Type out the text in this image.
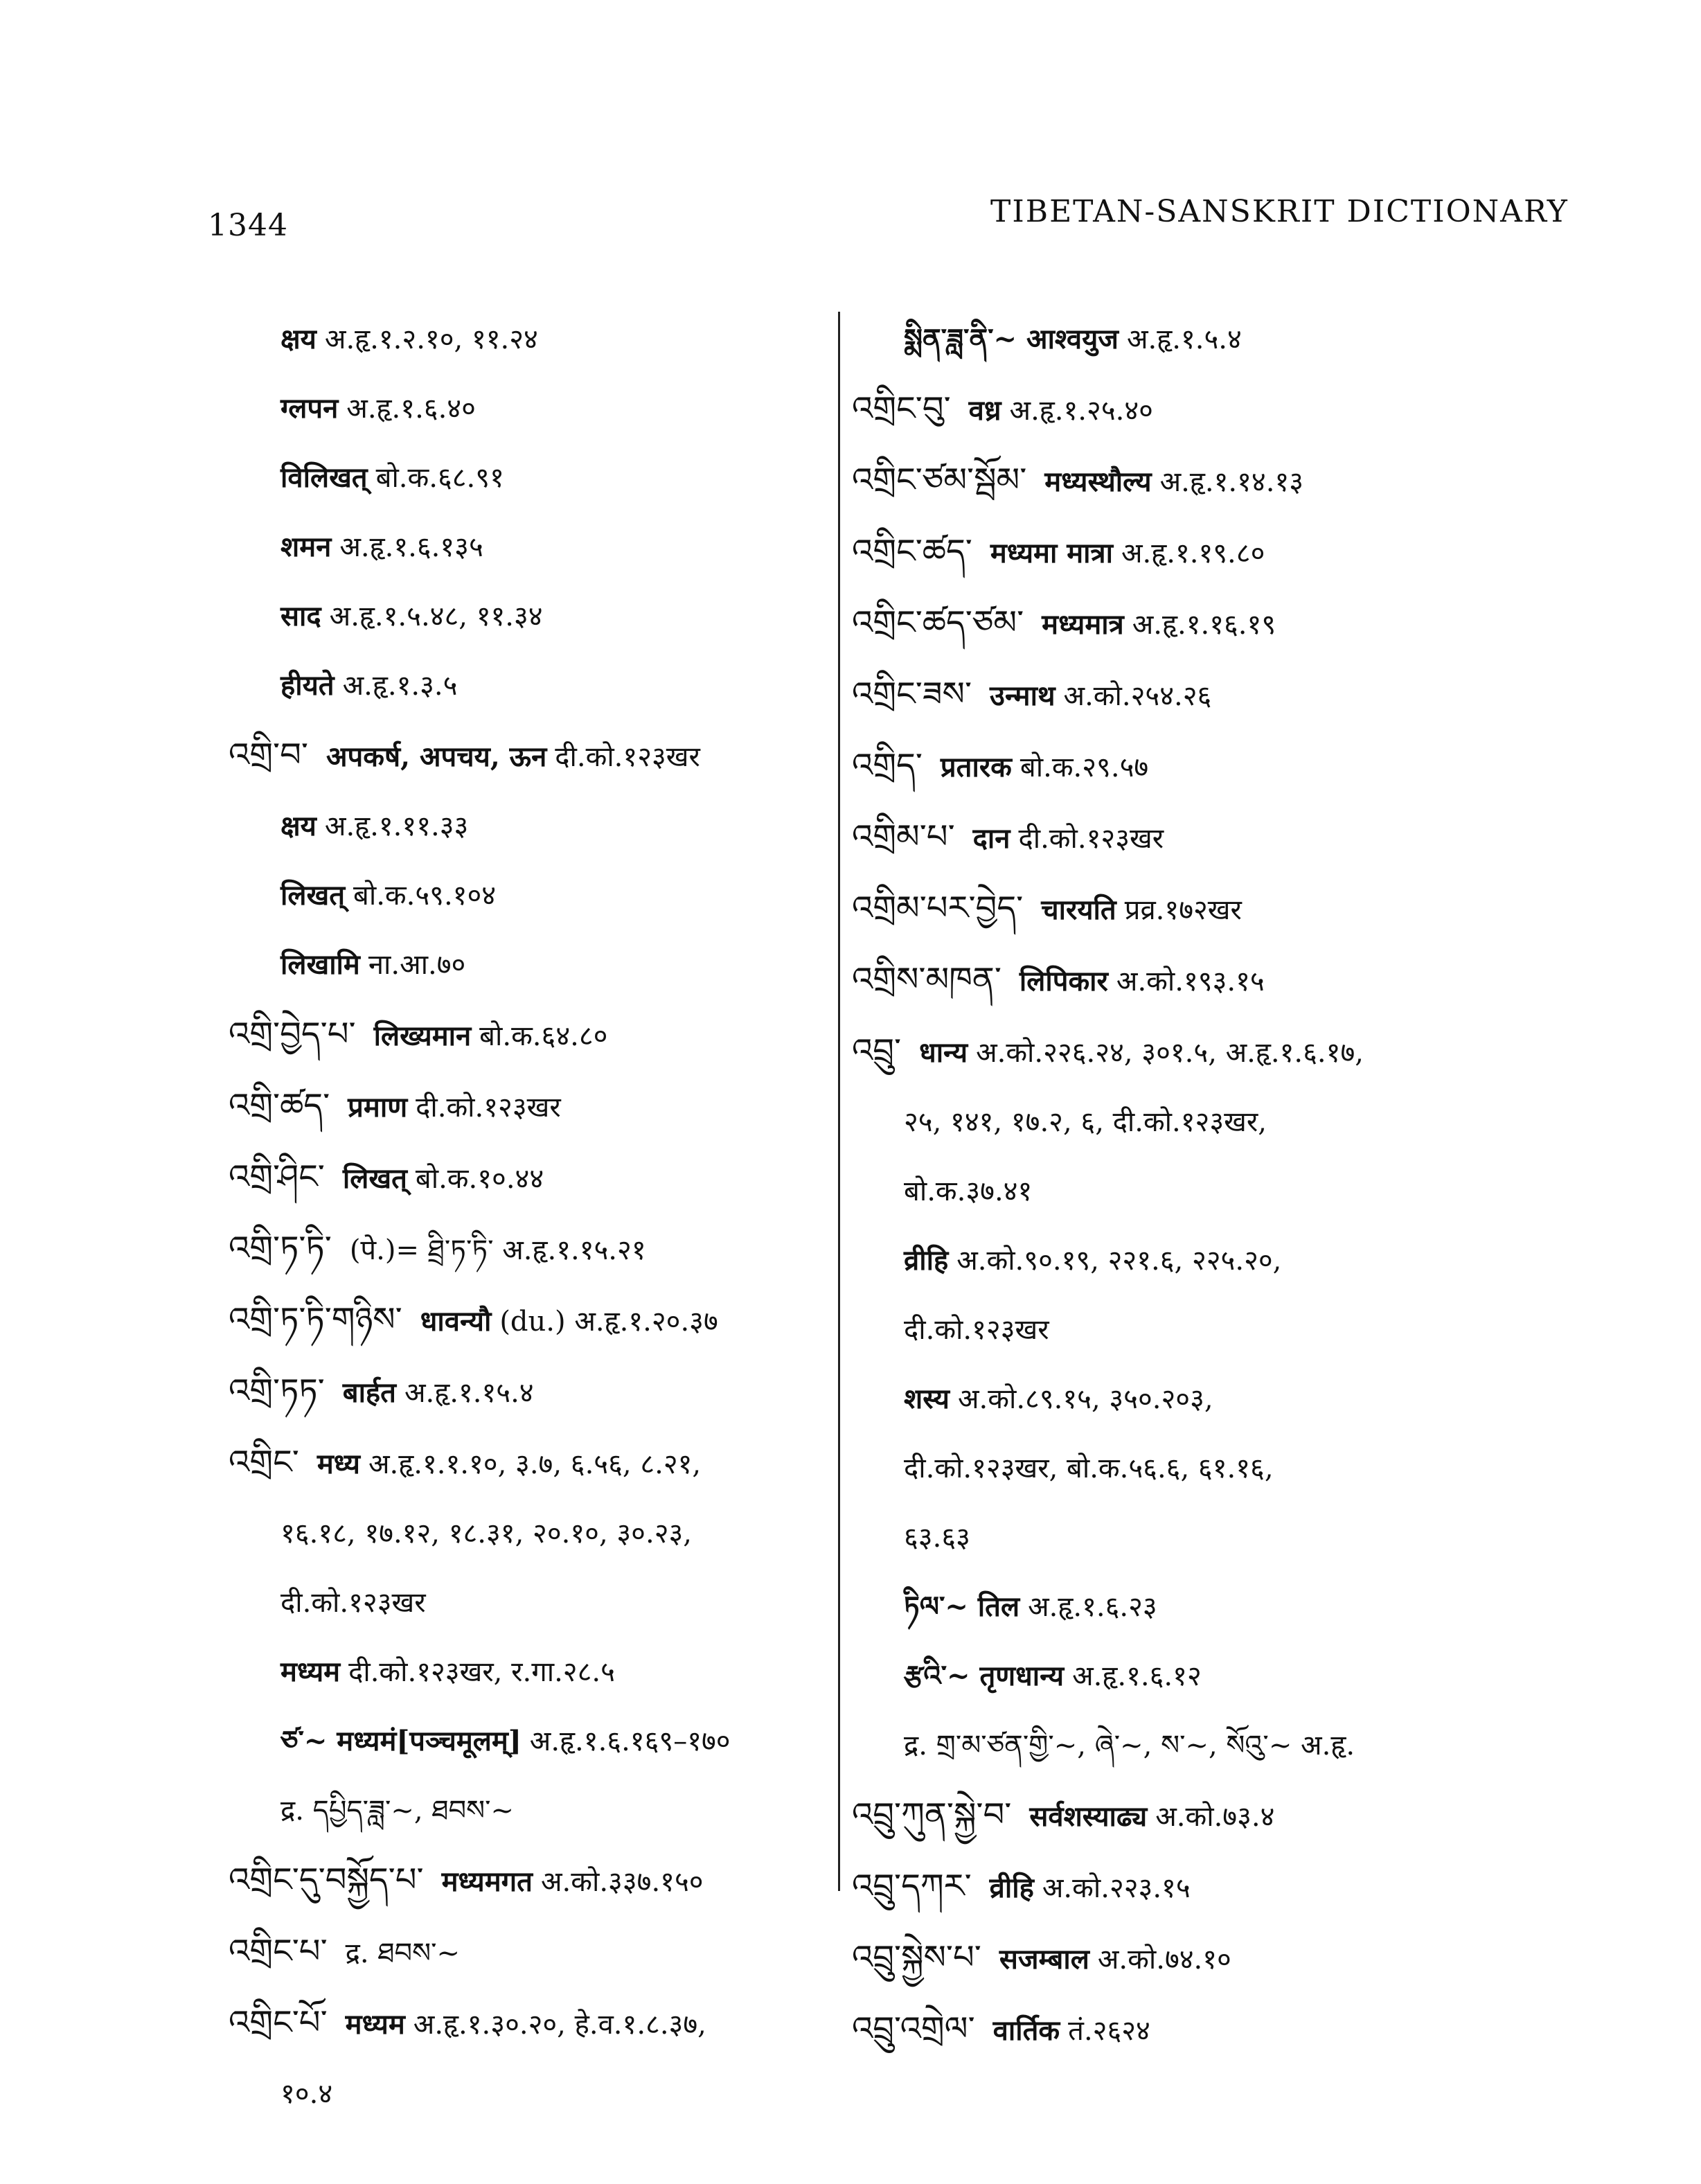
1344	TIBETAN-SANSKRIT DICTIONARY
क्षय अ.हृ.१.२.१०, ११.२४
ग्लपन अ.हृ.१.६.४०
विलिखत् बो.क.६८.९१
शमन अ.हृ.१.६.१३५
साद अ.हृ.१.५.४८, ११.३४
हीयते अ.हृ.१.३.५
འགྲི་བ་ अपकर्ष, अपचय, ऊन दी.को.१२३खर
क्षय अ.हृ.१.११.३३
लिखत् बो.क.५९.१०४
लिखामि ना.आ.७०
འགྲི་བྱེད་པ་ लिख्यमान बो.क.६४.८०
འགྲི་ཚད་ प्रमाण दी.को.१२३खर
འགྲི་ཤིང་ लिखत् बो.क.१०.४४
འགྲི་ཏ་ཏི་ (पे.)= ཐྲི་ཏ་ཏི་ अ.हृ.१.१५.२१
འགྲི་ཏ་ཏི་གཉིས་ धावन्यौ (du.) अ.हृ.१.२०.३७
འགྲི་ཏཏ་ बार्हत अ.हृ.१.१५.४
འགྲིང་ मध्य अ.हृ.१.१.१०, ३.७, ६.५६, ८.२१,
१६.१८, १७.१२, १८.३१, २०.१०, ३०.२३,
दी.को.१२३खर
मध्यम दी.को.१२३खर, र.गा.२८.५
ཙ་~ मध्यमं[पञ्चमूलम्] अ.हृ.१.६.१६९–१७०
द्र. དཔྱིད་ཟླ་~, ཐབས་~
འགྲིང་དུ་བསྐྱོད་པ་ मध्यमगत अ.को.३३७.१५०
འགྲིང་པ་ द्र. ཐབས་~
འགྲིང་པོ་ मध्यम अ.हृ.१.३०.२०, हे.व.१.८.३७,
१०.४
སྨིན་ཟླ་ནི་~ आश्वयुज अ.हृ.१.५.४
འགྲིང་བུ་ वध्र अ.हृ.१.२५.४०
འགྲིང་ཙམ་སྦོམ་ मध्यस्थौल्य अ.हृ.१.१४.१३
འགྲིང་ཚད་ मध्यमा मात्रा अ.हृ.१.१९.८०
འགྲིང་ཚད་ཙམ་ मध्यमात्र अ.हृ.१.१६.१९
འགྲིང་ཟས་ उन्माथ अ.को.२५४.२६
འགྲིད་ प्रतारक बो.क.२९.५७
འགྲིམ་པ་ दान दी.को.१२३खर
འགྲིམ་པར་བྱེད་ चारयति प्रव्र.१७२खर
འགྲིས་མཁན་ लिपिकार अ.को.१९३.१५
འབྲུ་ धान्य अ.को.२२६.२४, ३०१.५, अ.हृ.१.६.१७,
२५, १४१, १७.२, ६, दी.को.१२३खर,
बो.क.३७.४१
व्रीहि अ.को.९०.१९, २२१.६, २२५.२०,
दी.को.१२३खर
शस्य अ.को.८९.१५, ३५०.२०३,
दी.को.१२३खर, बो.क.५६.६, ६१.१६,
६३.६३
ཏིལ་~ तिल अ.हृ.१.६.२३
རྩའི་~ तृणधान्य अ.हृ.१.६.१२
द्र. གྲ་མ་ཙན་གྱི་~, ཞེ་~, ས་~, སོའུ་~ अ.हृ.
འབྲུ་ཀུན་སྐྱེ་བ་ सर्वशस्याढ्य अ.को.७३.४
འབྲུ་དཀར་ व्रीहि अ.को.२२३.१५
འབྲུ་སྐྱེས་པ་ सजम्बाल अ.को.७४.१०
འབྲུ་འགྲེལ་ वार्तिक तं.२६२४
